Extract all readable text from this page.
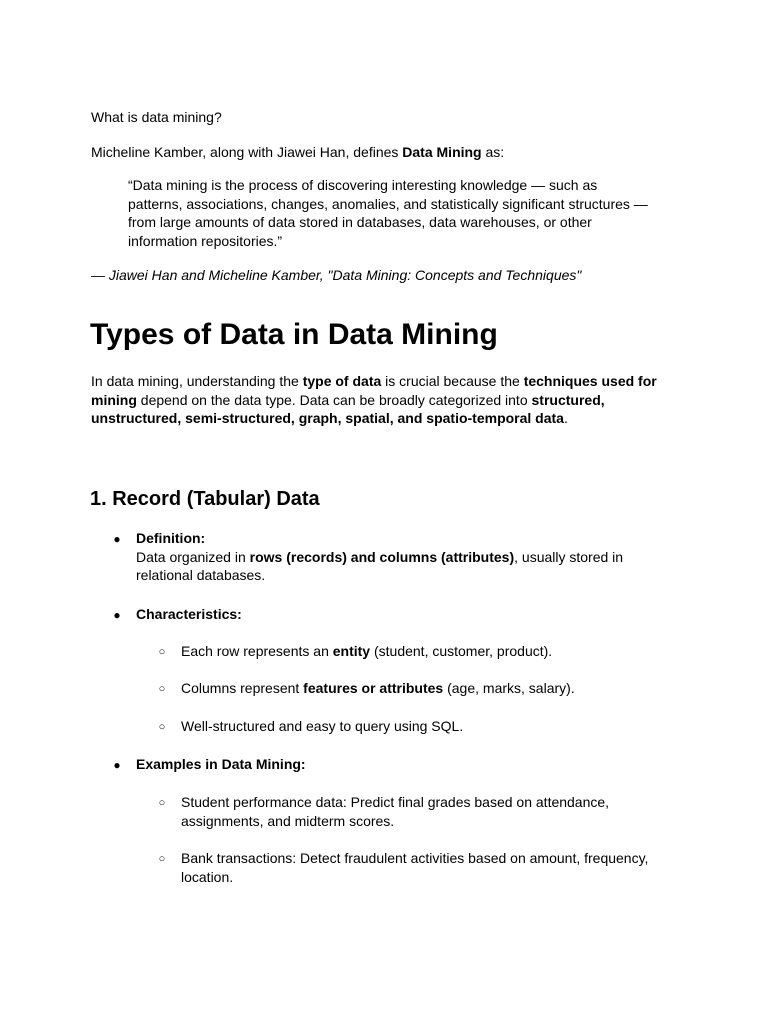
What is data mining?
Micheline Kamber, along with Jiawei Han, defines Data Mining as:
“Data mining is the process of discovering interesting knowledge — such as patterns, associations, changes, anomalies, and statistically significant structures — from large amounts of data stored in databases, data warehouses, or other information repositories.”
— Jiawei Han and Micheline Kamber, "Data Mining: Concepts and Techniques"
Types of Data in Data Mining
In data mining, understanding the type of data is crucial because the techniques used for mining depend on the data type. Data can be broadly categorized into structured, unstructured, semi-structured, graph, spatial, and spatio-temporal data.
1. Record (Tabular) Data
● Definition:
Data organized in rows (records) and columns (attributes), usually stored in relational databases.
● Characteristics:
○ Each row represents an entity (student, customer, product).
○ Columns represent features or attributes (age, marks, salary).
○ Well-structured and easy to query using SQL.
● Examples in Data Mining:
○ Student performance data: Predict final grades based on attendance, assignments, and midterm scores.
○ Bank transactions: Detect fraudulent activities based on amount, frequency, location.
